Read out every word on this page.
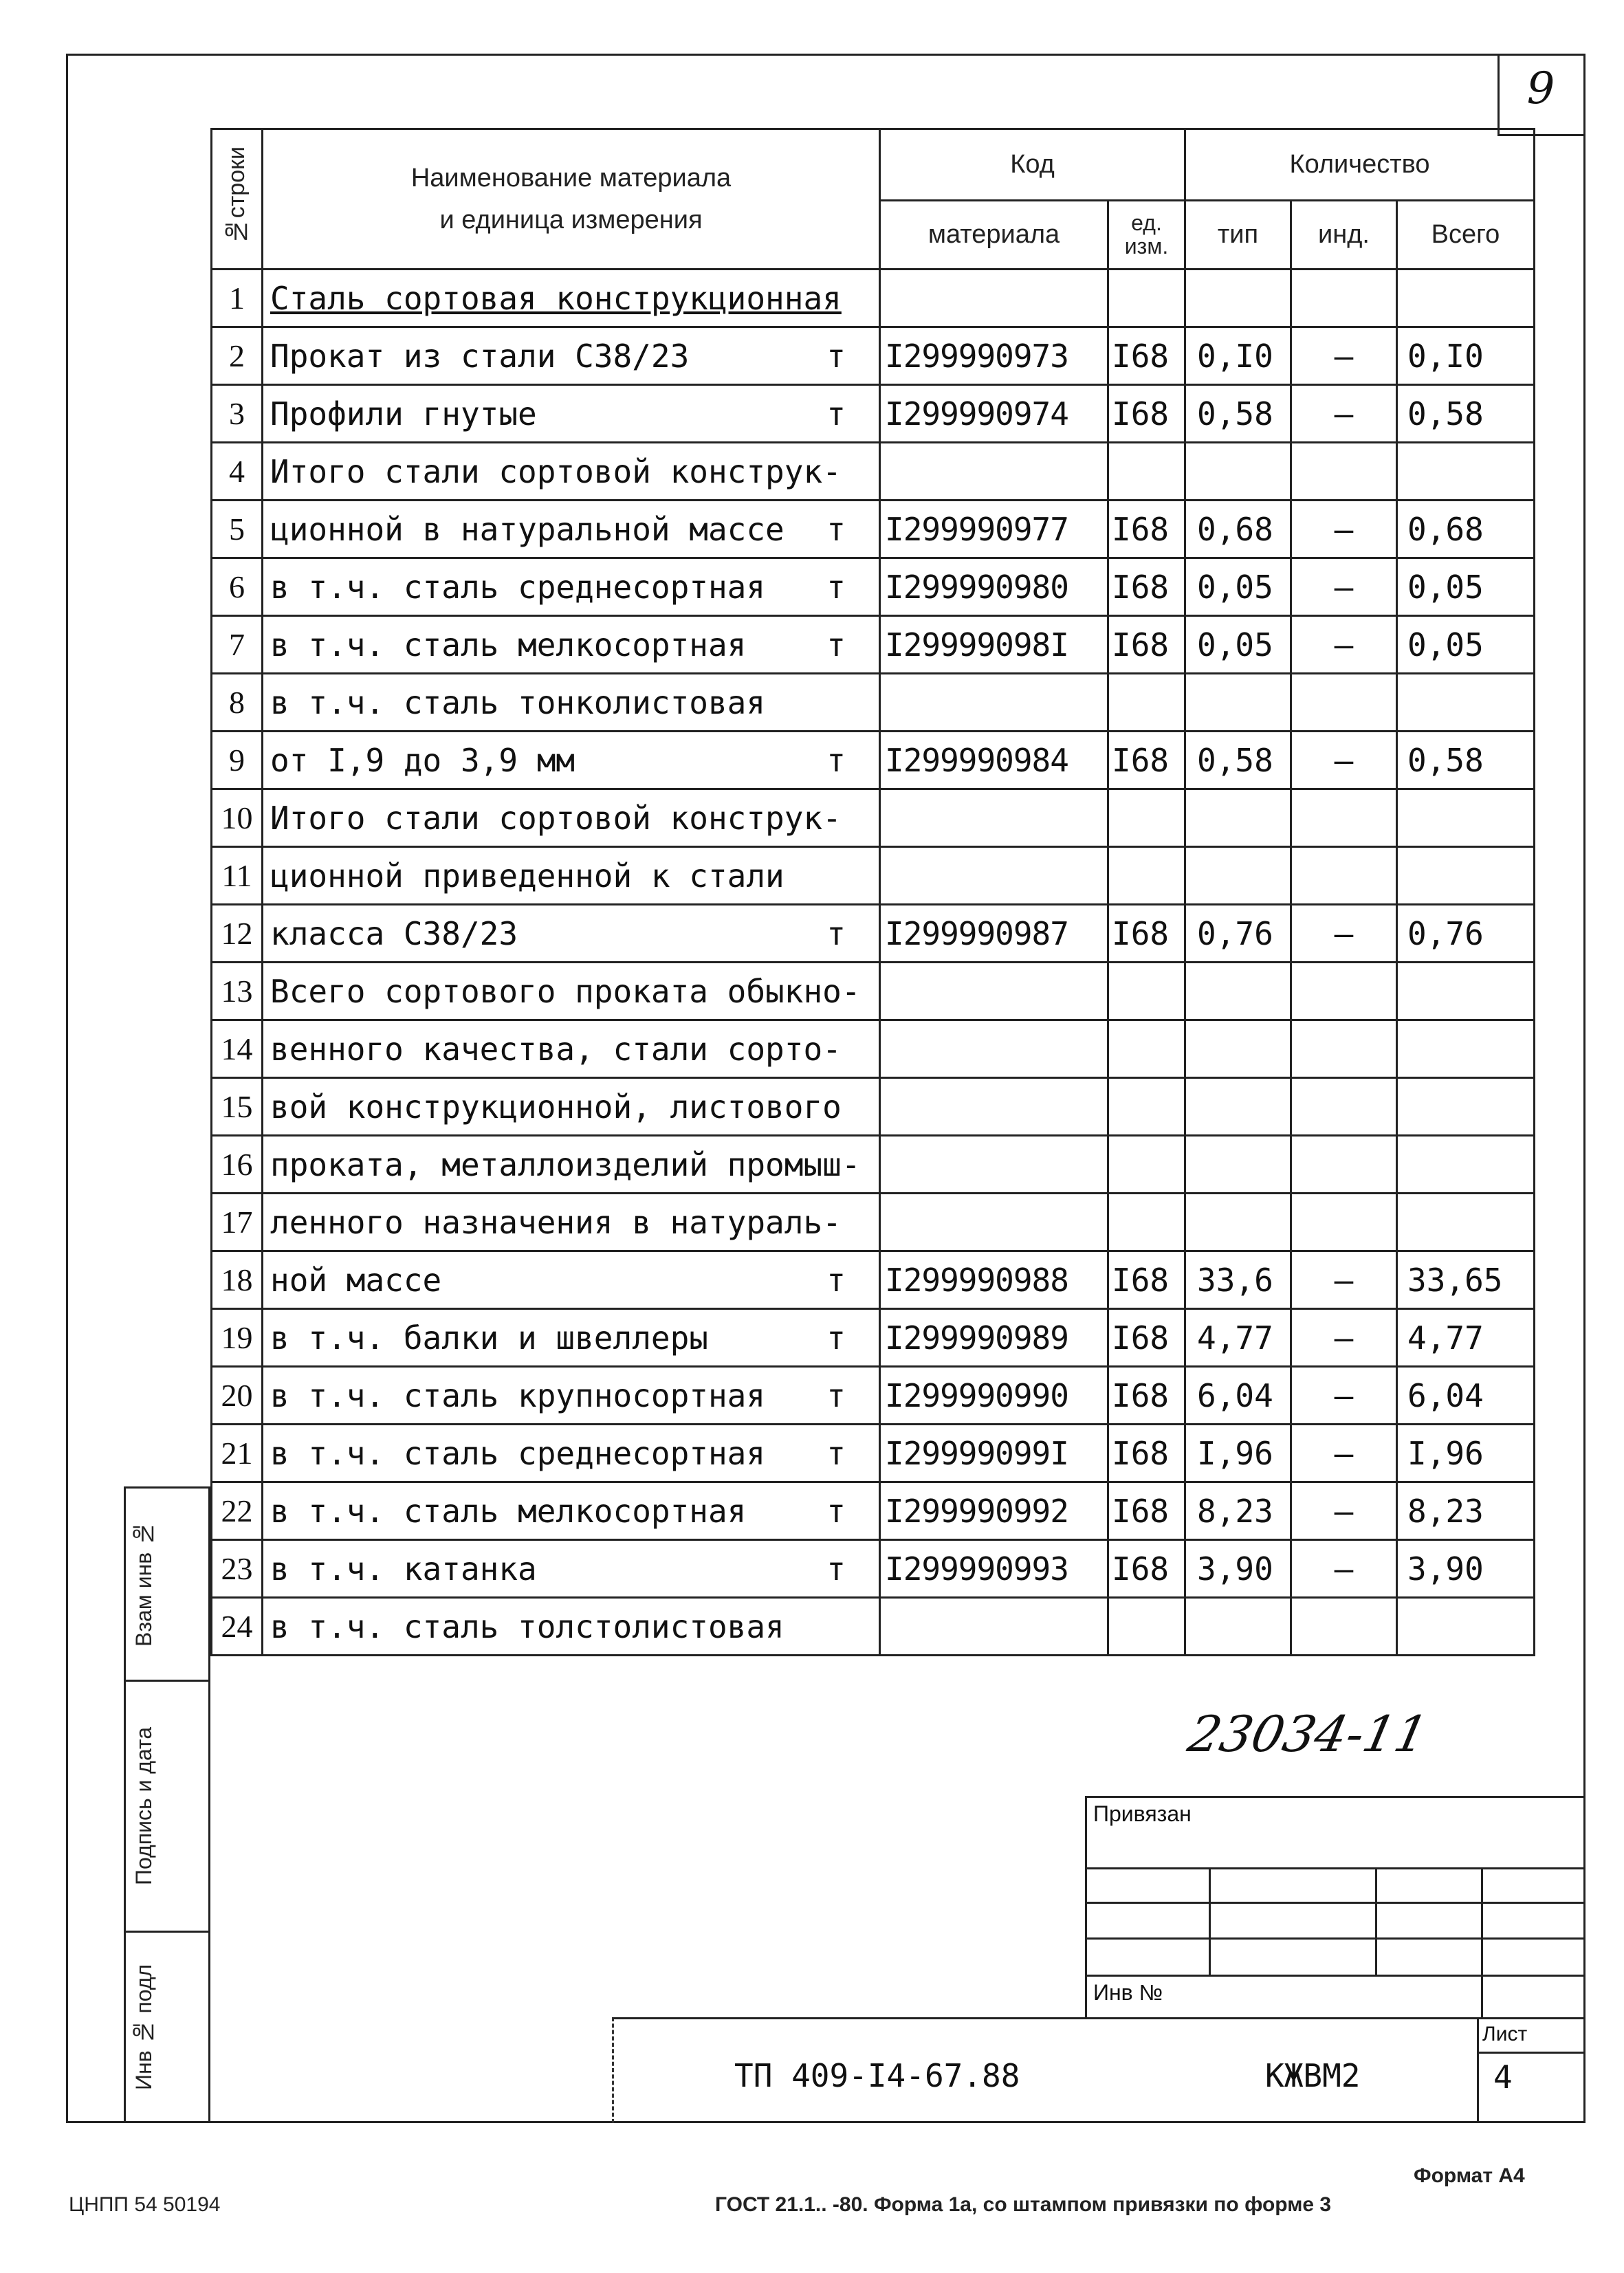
9
№строки	Наименование материала
и единица измерения	Код		Количество		
		материала	ед. изм.	тип	инд.	Всего
1	Сталь сортовая конструкционная

2	Прокат из стали С38/23 т	I299990973	I68	0,I0	–	0,I0
3	Профили гнутые т	I299990974	I68	0,58	–	0,58
4	Итого стали сортовой конструк-

5	ционной в натуральной массе т	I299990977	I68	0,68	–	0,68
6	в т.ч. сталь среднесортная т	I299990980	I68	0,05	–	0,05
7	в т.ч. сталь мелкосортная т	I29999098I	I68	0,05	–	0,05
8	в т.ч. сталь тонколистовая

9	от I,9 до 3,9 мм т	I299990984	I68	0,58	–	0,58
10	Итого стали сортовой конструк-

11	ционной приведенной к стали

12	класса С38/23 т	I299990987	I68	0,76	–	0,76
13	Всего сортового проката обыкно-

14	венного качества, стали сорто-

15	вой конструкционной, листового

16	проката, металлоизделий промыш-

17	ленного назначения в натураль-

18	ной массе т	I299990988	I68	33,6	–	33,65
19	в т.ч. балки и швеллеры т	I299990989	I68	4,77	–	4,77
20	в т.ч. сталь крупносортная т	I299990990	I68	6,04	–	6,04
21	в т.ч. сталь среднесортная т	I29999099I	I68	I,96	–	I,96
22	в т.ч. сталь мелкосортная т	I299990992	I68	8,23	–	8,23
23	в т.ч. катанка т	I299990993	I68	3,90	–	3,90
24	в т.ч. сталь толстолистовая

Взам инв №
Подпись и дата
Инв № подл
23034-11
Привязан
Инв №
ТП 409-I4-67.88	КЖВМ2
Лист
4
Формат А4
ЦНПП 54 50194	ГОСТ 21.1.. -80. Форма 1а, со штампом привязки по форме 3
